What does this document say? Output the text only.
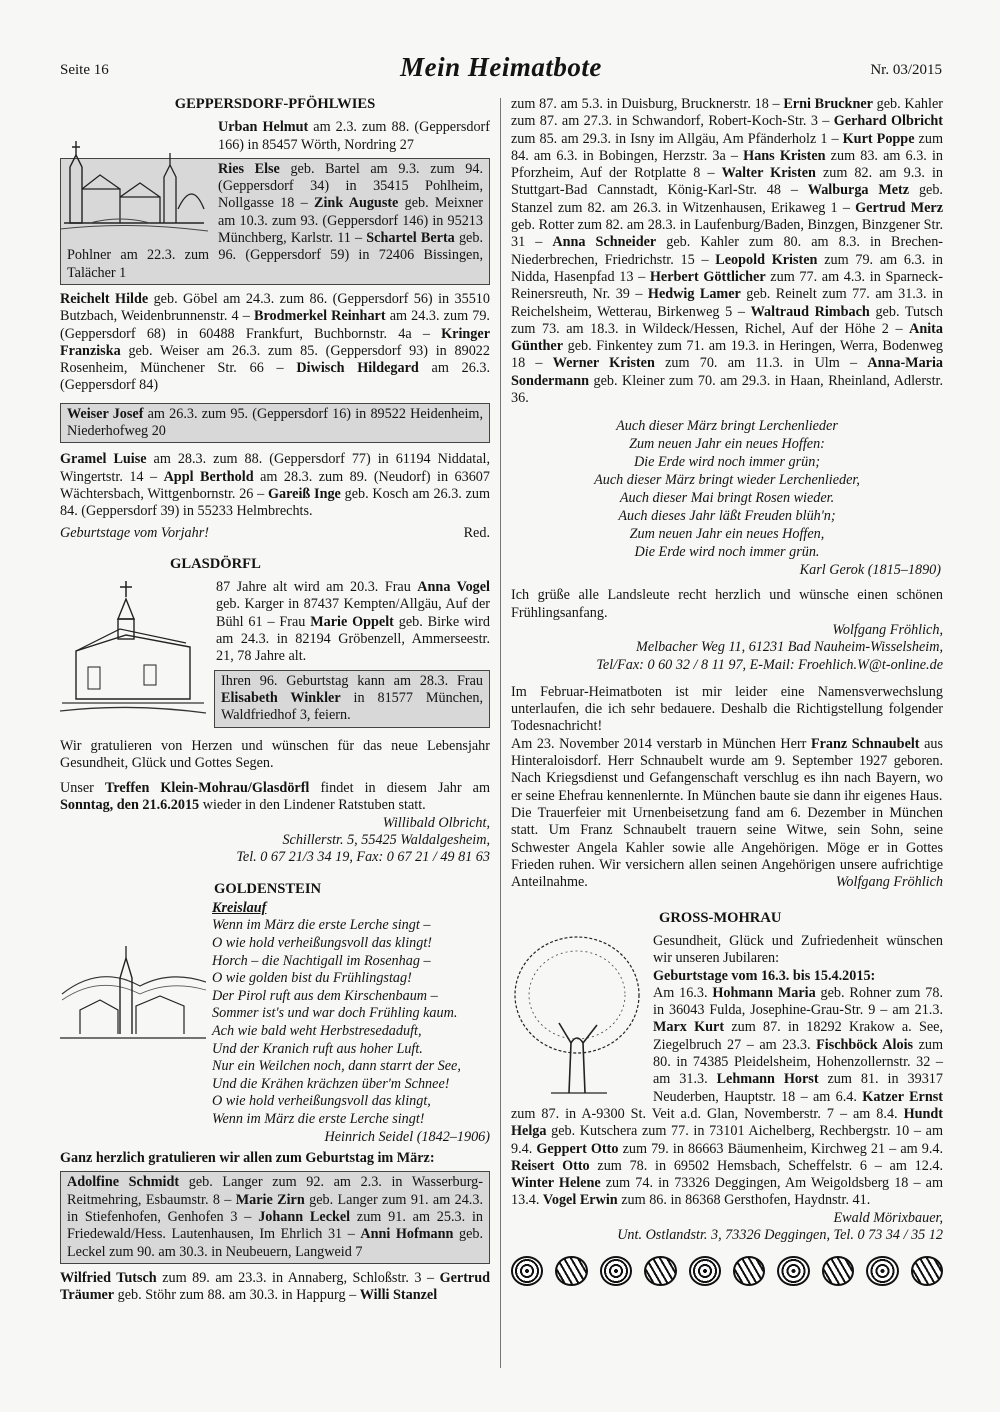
Seite 16	Mein Heimatbote	Nr. 03/2015
GEPPERSDORF-PFÖHLWIES

Urban Helmut am 2.3. zum 88. (Geppersdorf 166) in 85457 Wörth, Nordring 27

Ries Else geb. Bartel am 9.3. zum 94. (Geppersdorf 34) in 35415 Pohlheim, Nollgasse 18 – Zink Auguste geb. Meixner am 10.3. zum 93. (Geppersdorf 146) in 95213 Münchberg, Karlstr. 11 – Schartel Berta geb. Pohlner am 22.3. zum 96. (Geppersdorf 59) in 72406 Bissingen, Talächer 1

Reichelt Hilde geb. Göbel am 24.3. zum 86. (Geppersdorf 56) in 35510 Butzbach, Weidenbrunnenstr. 4 – Brodmerkel Reinhart am 24.3. zum 79. (Geppersdorf 68) in 60488 Frankfurt, Buchbornstr. 4a – Kringer Franziska geb. Weiser am 26.3. zum 85. (Geppersdorf 93) in 89022 Rosenheim, Münchener Str. 66 – Diwisch Hildegard am 26.3. (Geppersdorf 84)

Weiser Josef am 26.3. zum 95. (Geppersdorf 16) in 89522 Heidenheim, Niederhofweg 20

Gramel Luise am 28.3. zum 88. (Geppersdorf 77) in 61194 Niddatal, Wingertstr. 14 – Appl Berthold am 28.3. zum 89. (Neudorf) in 63607 Wächtersbach, Wittgenbornstr. 26 – Gareiß Inge geb. Kosch am 26.3. zum 84. (Geppersdorf 39) in 55233 Helmbrechts.

Geburtstage vom Vorjahr!	Red.
GLASDÖRFL

87 Jahre alt wird am 20.3. Frau Anna Vogel geb. Karger in 87437 Kempten/Allgäu, Auf der Bühl 61 – Frau Marie Oppelt geb. Birke wird am 24.3. in 82194 Gröbenzell, Ammerseestr. 21, 78 Jahre alt.

Ihren 96. Geburtstag kann am 28.3. Frau Elisabeth Winkler in 81577 München, Waldfriedhof 3, feiern.

Wir gratulieren von Herzen und wünschen für das neue Lebensjahr Gesundheit, Glück und Gottes Segen.

Unser Treffen Klein-Mohrau/Glasdörfl findet in diesem Jahr am Sonntag, den 21.6.2015 wieder in den Lindener Ratstuben statt.

Willibald Olbricht,
Schillerstr. 5, 55425 Waldalgesheim,
Tel. 0 67 21/3 34 19, Fax: 0 67 21 / 49 81 63
GOLDENSTEIN
Kreislauf
Wenn im März die erste Lerche singt –
O wie hold verheißungsvoll das klingt!
Horch – die Nachtigall im Rosenhag –
O wie golden bist du Frühlingstag!
Der Pirol ruft aus dem Kirschenbaum –
Sommer ist's und war doch Frühling kaum.
Ach wie bald weht Herbstresedaduft,
Und der Kranich ruft aus hoher Luft.
Nur ein Weilchen noch, dann starrt der See,
Und die Krähen krächzen über'm Schnee!
O wie hold verheißungsvoll das klingt,
Wenn im März die erste Lerche singt!
Heinrich Seidel (1842–1906)

Ganz herzlich gratulieren wir allen zum Geburtstag im März:

Adolfine Schmidt geb. Langer zum 92. am 2.3. in Wasserburg-Reitmehring, Esbaumstr. 8 – Marie Zirn geb. Langer zum 91. am 24.3. in Stiefenhofen, Genhofen 3 – Johann Leckel zum 91. am 25.3. in Friedewald/Hess. Lautenhausen, Im Ehrlich 31 – Anni Hofmann geb. Leckel zum 90. am 30.3. in Neubeuern, Langweid 7

Wilfried Tutsch zum 89. am 23.3. in Annaberg, Schloßstr. 3 – Gertrud Träumer geb. Stöhr zum 88. am 30.3. in Happurg – Willi Stanzel

zum 87. am 5.3. in Duisburg, Brucknerstr. 18 – Erni Bruckner geb. Kahler zum 87. am 27.3. in Schwandorf, Robert-Koch-Str. 3 – Gerhard Olbricht zum 85. am 29.3. in Isny im Allgäu, Am Pfänderholz 1 – Kurt Poppe zum 84. am 6.3. in Bobingen, Herzstr. 3a – Hans Kristen zum 83. am 6.3. in Pforzheim, Auf der Rotplatte 8 – Walter Kristen zum 82. am 9.3. in Stuttgart-Bad Cannstadt, König-Karl-Str. 48 – Walburga Metz geb. Stanzel zum 82. am 26.3. in Witzenhausen, Erikaweg 1 – Gertrud Merz geb. Rotter zum 82. am 28.3. in Laufenburg/Baden, Binzgen, Binzgener Str. 31 – Anna Schneider geb. Kahler zum 80. am 8.3. in Brechen-Niederbrechen, Friedrichstr. 15 – Leopold Kristen zum 79. am 6.3. in Nidda, Hasenpfad 13 – Herbert Göttlicher zum 77. am 4.3. in Sparneck-Reinersreuth, Nr. 39 – Hedwig Lamer geb. Reinelt zum 77. am 31.3. in Reichelsheim, Wetterau, Birkenweg 5 – Waltraud Rimbach geb. Tutsch zum 73. am 18.3. in Wildeck/Hessen, Richel, Auf der Höhe 2 – Anita Günther geb. Finkentey zum 71. am 19.3. in Heringen, Werra, Bodenweg 18 – Werner Kristen zum 70. am 11.3. in Ulm – Anna-Maria Sondermann geb. Kleiner zum 70. am 29.3. in Haan, Rheinland, Adlerstr. 36.

Auch dieser März bringt Lerchenlieder
Zum neuen Jahr ein neues Hoffen:
Die Erde wird noch immer grün;
Auch dieser März bringt wieder Lerchenlieder,
Auch dieser Mai bringt Rosen wieder.
Auch dieses Jahr läßt Freuden blüh'n;
Zum neuen Jahr ein neues Hoffen,
Die Erde wird noch immer grün.
Karl Gerok (1815–1890)

Ich grüße alle Landsleute recht herzlich und wünsche einen schönen Frühlingsanfang.

Wolfgang Fröhlich,
Melbacher Weg 11, 61231 Bad Nauheim-Wisselsheim,
Tel/Fax: 0 60 32 / 8 11 97, E-Mail: Froehlich.W@t-online.de

Im Februar-Heimatboten ist mir leider eine Namensverwechslung unterlaufen, die ich sehr bedauere. Deshalb die Richtigstellung folgender Todesnachricht!

Am 23. November 2014 verstarb in München Herr Franz Schnaubelt aus Hinteraloisdorf. Herr Schnaubelt wurde am 9. September 1927 geboren. Nach Kriegsdienst und Gefangenschaft verschlug es ihn nach Bayern, wo er seine Ehefrau kennenlernte. In München baute sie dann ihr eigenes Haus.

Die Trauerfeier mit Urnenbeisetzung fand am 6. Dezember in München statt. Um Franz Schnaubelt trauern seine Witwe, sein Sohn, seine Schwester Angela Kahler sowie alle Angehörigen. Möge er in Gottes Frieden ruhen. Wir versichern allen seinen Angehörigen unsere aufrichtige Anteilnahme.	Wolfgang Fröhlich
GROSS-MOHRAU

Gesundheit, Glück und Zufriedenheit wünschen wir unseren Jubilaren:

Geburtstage vom 16.3. bis 15.4.2015:

Am 16.3. Hohmann Maria geb. Rohner zum 78. in 36043 Fulda, Josephine-Grau-Str. 9 – am 21.3. Marx Kurt zum 87. in 18292 Krakow a. See, Ziegelbruch 27 – am 23.3. Fischböck Alois zum 80. in 74385 Pleidelsheim, Hohenzollernstr. 32 – am 31.3. Lehmann Horst zum 81. in 39317 Neuderben, Hauptstr. 18 – am 6.4. Katzer Ernst zum 87. in A-9300 St. Veit a.d. Glan, Novemberstr. 7 – am 8.4. Hundt Helga geb. Kutschera zum 77. in 73101 Aichelberg, Rechbergstr. 10 – am 9.4. Geppert Otto zum 79. in 86663 Bäumenheim, Kirchweg 21 – am 9.4. Reisert Otto zum 78. in 69502 Hemsbach, Scheffelstr. 6 – am 12.4. Winter Helene zum 74. in 73326 Deggingen, Am Weigoldsberg 18 – am 13.4. Vogel Erwin zum 86. in 86368 Gersthofen, Haydnstr. 41.

Ewald Mörixbauer,
Unt. Ostlandstr. 3, 73326 Deggingen, Tel. 0 73 34 / 35 12
